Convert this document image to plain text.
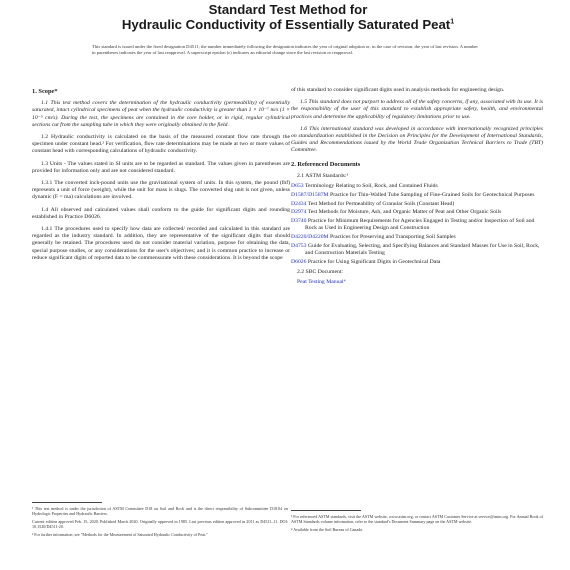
Standard Test Method for
Hydraulic Conductivity of Essentially Saturated Peat$^1$
This standard is issued under the fixed designation D4511; the number immediately following the designation indicates the year of original adoption or, in the case of revision, the year of last revision. A number in parentheses indicates the year of last reapproval. A superscript epsilon (ε) indicates an editorial change since the last revision or reapproval.
1. Scope*

1.1 This test method covers the determination of the hydraulic conductivity (permeability) of essentially saturated, intact cylindrical specimens of peat when the hydraulic conductivity is greater than 1 × 10⁻⁷ m/s (1 × 10⁻⁵ cm/s). During the test, the specimens are contained in the core holder, or in rigid, regular cylindrical sections cut from the sampling tube in which they were originally obtained in the field.

1.2 Hydraulic conductivity is calculated on the basis of the measured constant flow rate through the specimen under constant head.² For verification, flow rate determinations may be made at two or more values of constant head with corresponding calculations of hydraulic conductivity.

1.3 Units - The values stated in SI units are to be regarded as standard. The values given in parentheses are provided for information only and are not considered standard.

1.3.1 The converted inch-pound units use the gravitational system of units. In this system, the pound (lbf) represents a unit of force (weight), while the unit for mass is slugs. The converted slug unit is not given, unless dynamic (F = ma) calculations are involved.

1.4 All observed and calculated values shall conform to the guide for significant digits and rounding established in Practice D6026.

1.4.1 The procedures used to specify how data are collected/ recorded and calculated in this standard are regarded as the industry standard. In addition, they are representative of the significant digits that should generally be retained. The procedures used do not consider material variation, purpose for obtaining the data, special purpose studies, or any considerations for the user's objectives; and it is common practice to increase or reduce significant digits of reported data to be commensurate with these considerations. It is beyond the scope

¹ This test method is under the jurisdiction of ASTM Committee D18 on Soil and Rock and is the direct responsibility of Subcommittee D18.04 on Hydrologic Properties and Hydraulic Barriers.
Current edition approved Feb. 15, 2020. Published March 2020. Originally approved in 1985. Last previous edition approved in 2011 as D4511–11. DOI: 10.1520/D4511-20.
² For further information, see "Methods for the Measurement of Saturated Hydraulic Conductivity of Peat."

of this standard to consider significant digits used in analysis methods for engineering design.

1.5 This standard does not purport to address all of the safety concerns, if any, associated with its use. It is the responsibility of the user of this standard to establish appropriate safety, health, and environmental practices and determine the applicability of regulatory limitations prior to use.

1.6 This international standard was developed in accordance with internationally recognized principles on standardization established in the Decision on Principles for the Development of International Standards, Guides and Recommendations issued by the World Trade Organization Technical Barriers to Trade (TBT) Committee.

2. Referenced Documents
2.1 ASTM Standards:³
D653 Terminology Relating to Soil, Rock, and Contained Fluids
D1587/D1587M Practice for Thin-Walled Tube Sampling of Fine-Grained Soils for Geotechnical Purposes
D2434 Test Method for Permeability of Granular Soils (Constant Head)
D2974 Test Methods for Moisture, Ash, and Organic Matter of Peat and Other Organic Soils
D3740 Practice for Minimum Requirements for Agencies Engaged in Testing and/or Inspection of Soil and Rock as Used in Engineering Design and Construction
D4220/D4220M Practices for Preserving and Transporting Soil Samples
D4753 Guide for Evaluating, Selecting, and Specifying Balances and Standard Masses for Use in Soil, Rock, and Construction Materials Testing
D6026 Practice for Using Significant Digits in Geotechnical Data
2.2 SBC Document:
Peat Testing Manual⁴
³ For referenced ASTM standards, visit the ASTM website, www.astm.org, or contact ASTM Customer Service at service@astm.org. For Annual Book of ASTM Standards volume information, refer to the standard's Document Summary page on the ASTM website.
⁴ Available from the Soil Bureau of Canada.
